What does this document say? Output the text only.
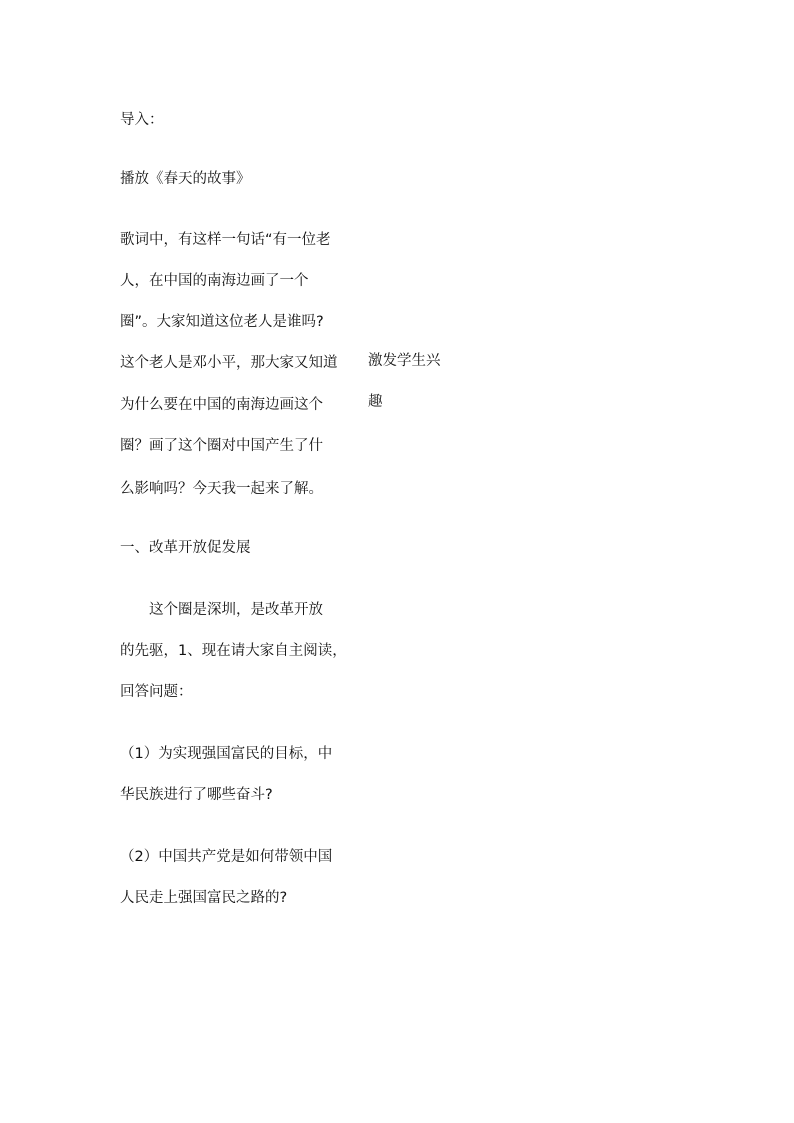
导入：
播放《春天的故事》
歌词中，有这样一句话“有一位老
人，在中国的南海边画了一个
圈”。大家知道这位老人是谁吗?
这个老人是邓小平，那大家又知道
为什么要在中国的南海边画这个
圈？画了这个圈对中国产生了什
么影响吗？今天我一起来了解。
一、改革开放促发展
　　这个圈是深圳，是改革开放
的先驱，1、现在请大家自主阅读，
回答问题：
（1）为实现强国富民的目标，中
华民族进行了哪些奋斗?
（2）中国共产党是如何带领中国
人民走上强国富民之路的?
激发学生兴
趣
